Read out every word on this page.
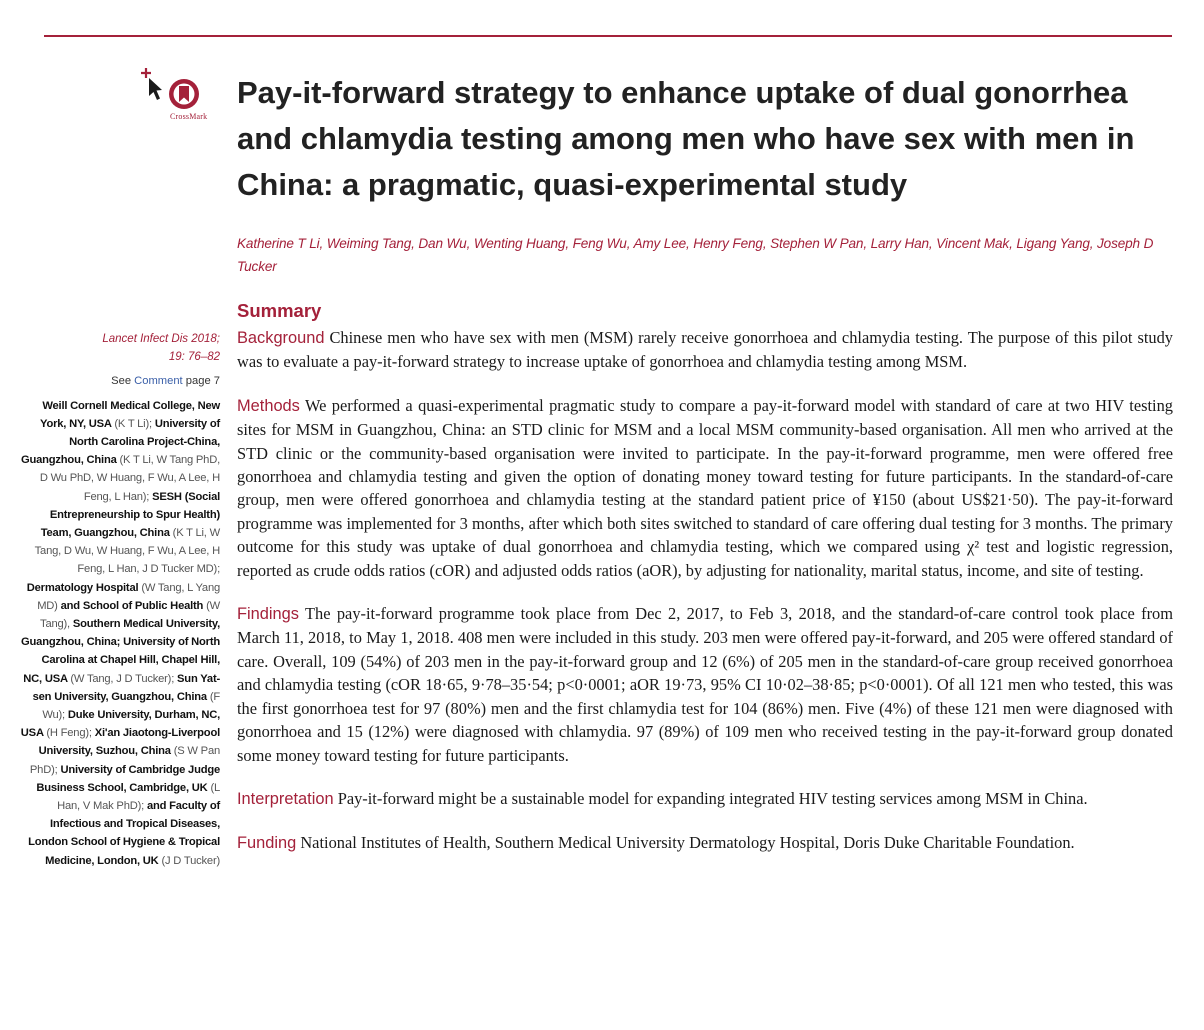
CrossMark
Pay-it-forward strategy to enhance uptake of dual gonorrhea and chlamydia testing among men who have sex with men in China: a pragmatic, quasi-experimental study
Katherine T Li, Weiming Tang, Dan Wu, Wenting Huang, Feng Wu, Amy Lee, Henry Feng, Stephen W Pan, Larry Han, Vincent Mak, Ligang Yang, Joseph D Tucker
Summary
Lancet Infect Dis 2018;
19: 76–82
See Comment page 7
Weill Cornell Medical College, New York, NY, USA (K T Li); University of North Carolina Project-China, Guangzhou, China (K T Li, W Tang PhD, D Wu PhD, W Huang, F Wu, A Lee, H Feng, L Han); SESH (Social Entrepreneurship to Spur Health) Team, Guangzhou, China (K T Li, W Tang, D Wu, W Huang, F Wu, A Lee, H Feng, L Han, J D Tucker MD); Dermatology Hospital (W Tang, L Yang MD) and School of Public Health (W Tang), Southern Medical University, Guangzhou, China; University of North Carolina at Chapel Hill, Chapel Hill, NC, USA (W Tang, J D Tucker); Sun Yat-sen University, Guangzhou, China (F Wu); Duke University, Durham, NC, USA (H Feng); Xi'an Jiaotong-Liverpool University, Suzhou, China (S W Pan PhD); University of Cambridge Judge Business School, Cambridge, UK (L Han, V Mak PhD); and Faculty of Infectious and Tropical Diseases, London School of Hygiene & Tropical Medicine, London, UK (J D Tucker)

Background Chinese men who have sex with men (MSM) rarely receive gonorrhoea and chlamydia testing. The purpose of this pilot study was to evaluate a pay-it-forward strategy to increase uptake of gonorrhoea and chlamydia testing among MSM.

Methods We performed a quasi-experimental pragmatic study to compare a pay-it-forward model with standard of care at two HIV testing sites for MSM in Guangzhou, China: an STD clinic for MSM and a local MSM community-based organisation. All men who arrived at the STD clinic or the community-based organisation were invited to participate. In the pay-it-forward programme, men were offered free gonorrhoea and chlamydia testing and given the option of donating money toward testing for future participants. In the standard-of-care group, men were offered gonorrhoea and chlamydia testing at the standard patient price of ¥150 (about US$21·50). The pay-it-forward programme was implemented for 3 months, after which both sites switched to standard of care offering dual testing for 3 months. The primary outcome for this study was uptake of dual gonorrhoea and chlamydia testing, which we compared using χ² test and logistic regression, reported as crude odds ratios (cOR) and adjusted odds ratios (aOR), by adjusting for nationality, marital status, income, and site of testing.

Findings The pay-it-forward programme took place from Dec 2, 2017, to Feb 3, 2018, and the standard-of-care control took place from March 11, 2018, to May 1, 2018. 408 men were included in this study. 203 men were offered pay-it-forward, and 205 were offered standard of care. Overall, 109 (54%) of 203 men in the pay-it-forward group and 12 (6%) of 205 men in the standard-of-care group received gonorrhoea and chlamydia testing (cOR 18·65, 9·78–35·54; p<0·0001; aOR 19·73, 95% CI 10·02–38·85; p<0·0001). Of all 121 men who tested, this was the first gonorrhoea test for 97 (80%) men and the first chlamydia test for 104 (86%) men. Five (4%) of these 121 men were diagnosed with gonorrhoea and 15 (12%) were diagnosed with chlamydia. 97 (89%) of 109 men who received testing in the pay-it-forward group donated some money toward testing for future participants.

Interpretation Pay-it-forward might be a sustainable model for expanding integrated HIV testing services among MSM in China.

Funding National Institutes of Health, Southern Medical University Dermatology Hospital, Doris Duke Charitable Foundation.
